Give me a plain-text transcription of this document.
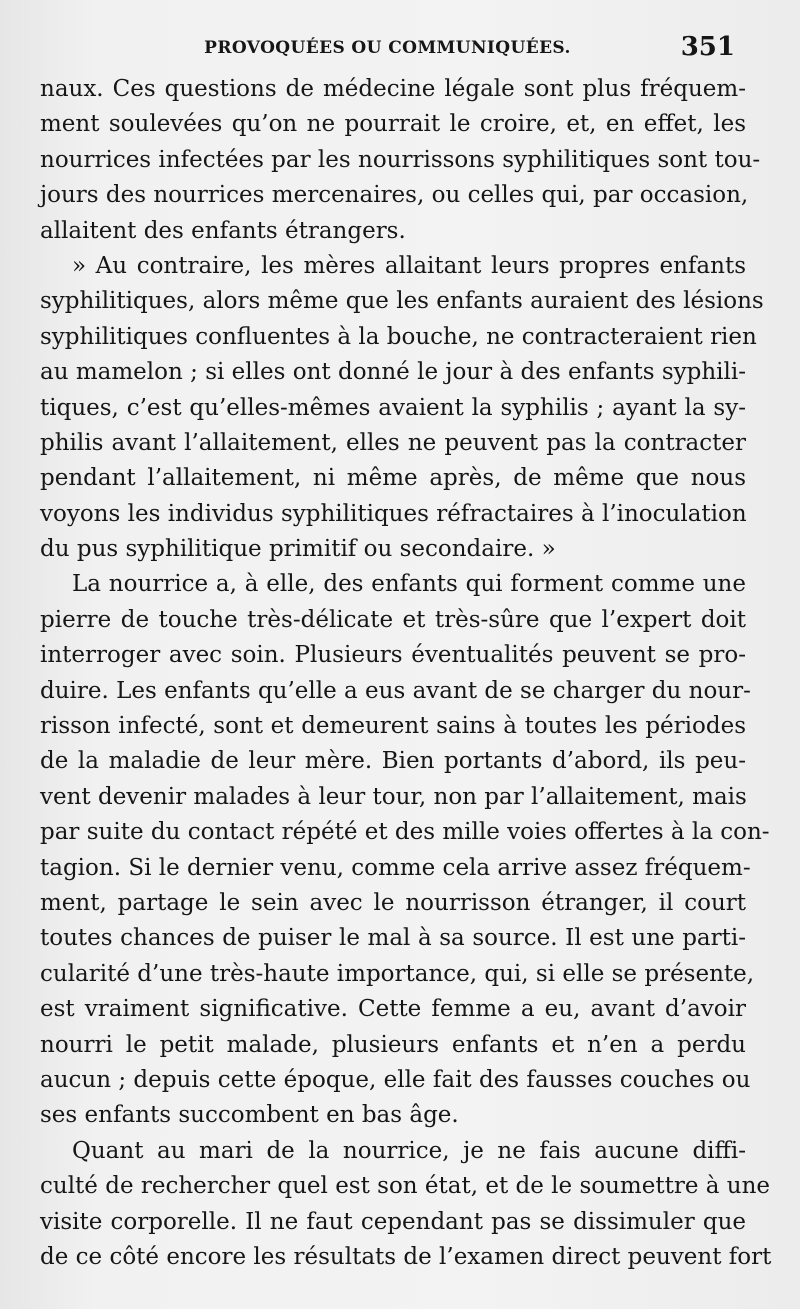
PROVOQUÉES OU COMMUNIQUÉES.	351

naux. Ces questions de médecine légale sont plus fréquem-
ment soulevées qu’on ne pourrait le croire, et, en effet, les
nourrices infectées par les nourrissons syphilitiques sont tou-
jours des nourrices mercenaires, ou celles qui, par occasion,
allaitent des enfants étrangers.

» Au contraire, les mères allaitant leurs propres enfants
syphilitiques, alors même que les enfants auraient des lésions
syphilitiques confluentes à la bouche, ne contracteraient rien
au mamelon ; si elles ont donné le jour à des enfants syphili-
tiques, c’est qu’elles-mêmes avaient la syphilis ; ayant la sy-
philis avant l’allaitement, elles ne peuvent pas la contracter
pendant l’allaitement, ni même après, de même que nous
voyons les individus syphilitiques réfractaires à l’inoculation
du pus syphilitique primitif ou secondaire. »

La nourrice a, à elle, des enfants qui forment comme une
pierre de touche très-délicate et très-sûre que l’expert doit
interroger avec soin. Plusieurs éventualités peuvent se pro-
duire. Les enfants qu’elle a eus avant de se charger du nour-
risson infecté, sont et demeurent sains à toutes les périodes
de la maladie de leur mère. Bien portants d’abord, ils peu-
vent devenir malades à leur tour, non par l’allaitement, mais
par suite du contact répété et des mille voies offertes à la con-
tagion. Si le dernier venu, comme cela arrive assez fréquem-
ment, partage le sein avec le nourrisson étranger, il court
toutes chances de puiser le mal à sa source. Il est une parti-
cularité d’une très-haute importance, qui, si elle se présente,
est vraiment significative. Cette femme a eu, avant d’avoir
nourri le petit malade, plusieurs enfants et n’en a perdu
aucun ; depuis cette époque, elle fait des fausses couches ou
ses enfants succombent en bas âge.

Quant au mari de la nourrice, je ne fais aucune diffi-
culté de rechercher quel est son état, et de le soumettre à une
visite corporelle. Il ne faut cependant pas se dissimuler que
de ce côté encore les résultats de l’examen direct peuvent fort
